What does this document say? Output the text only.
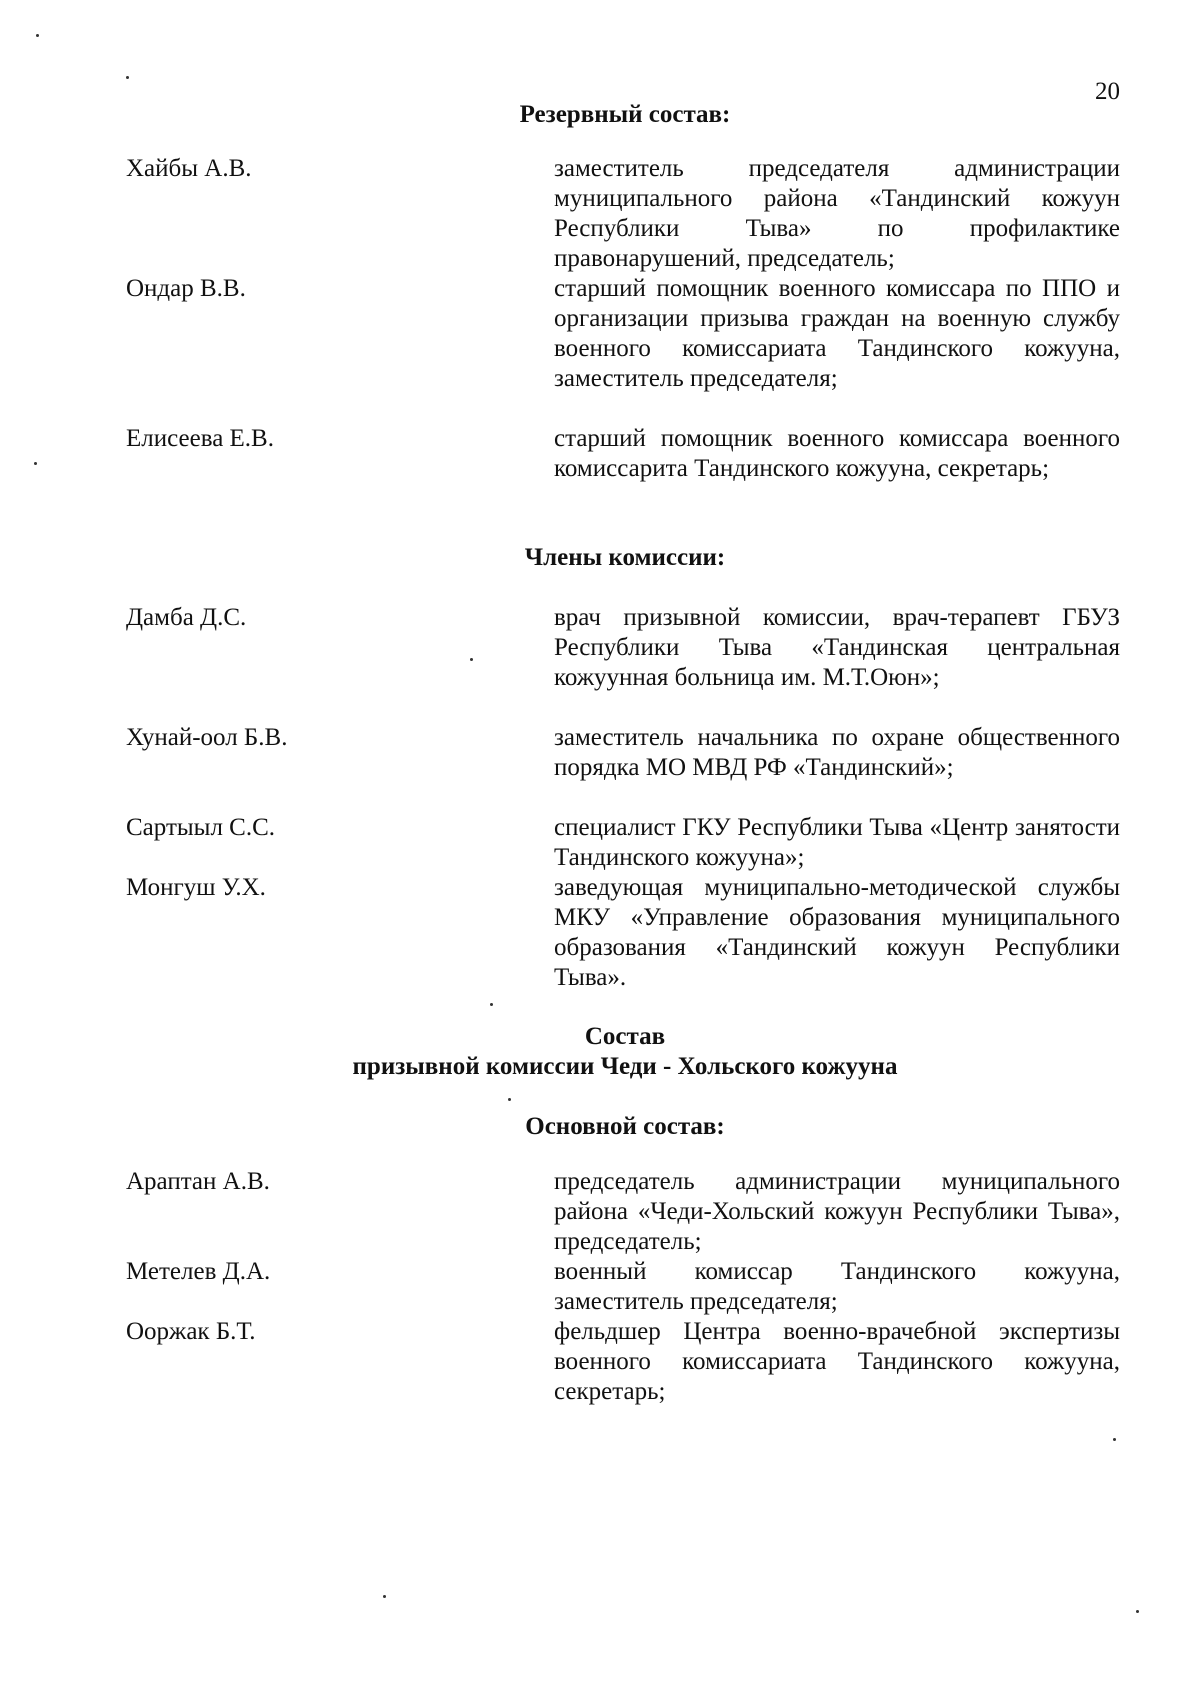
20
Резервный состав:
Хайбы А.В.	заместитель председателя администрации муниципального района «Тандинский кожуун Республики Тыва» по профилактике правонарушений, председатель;
Ондар В.В.	старший помощник военного комиссара по ППО и организации призыва граждан на военную службу военного комиссариата Тандинского кожууна, заместитель председателя;
Елисеева Е.В.	старший помощник военного комиссара военного комиссарита Тандинского кожууна, секретарь;
Члены комиссии:
Дамба Д.С.	врач призывной комиссии, врач-терапевт ГБУЗ Республики Тыва «Тандинская центральная кожуунная больница им. М.Т.Оюн»;
Хунай-оол Б.В.	заместитель начальника по охране общественного порядка МО МВД РФ «Тандинский»;
Сартыыл С.С.	специалист ГКУ Республики Тыва «Центр занятости Тандинского кожууна»;
Монгуш У.Х.	заведующая муниципально-методической службы МКУ «Управление образования муниципального образования «Тандинский кожуун Республики Тыва».
Состав
призывной комиссии Чеди - Хольского кожууна
Основной состав:
Араптан А.В.	председатель администрации муниципального района «Чеди-Хольский кожуун Республики Тыва», председатель;
Метелев Д.А.	военный комиссар Тандинского кожууна, заместитель председателя;
Ооржак Б.Т.	фельдшер Центра военно-врачебной экспертизы военного комиссариата Тандинского кожууна, секретарь;
